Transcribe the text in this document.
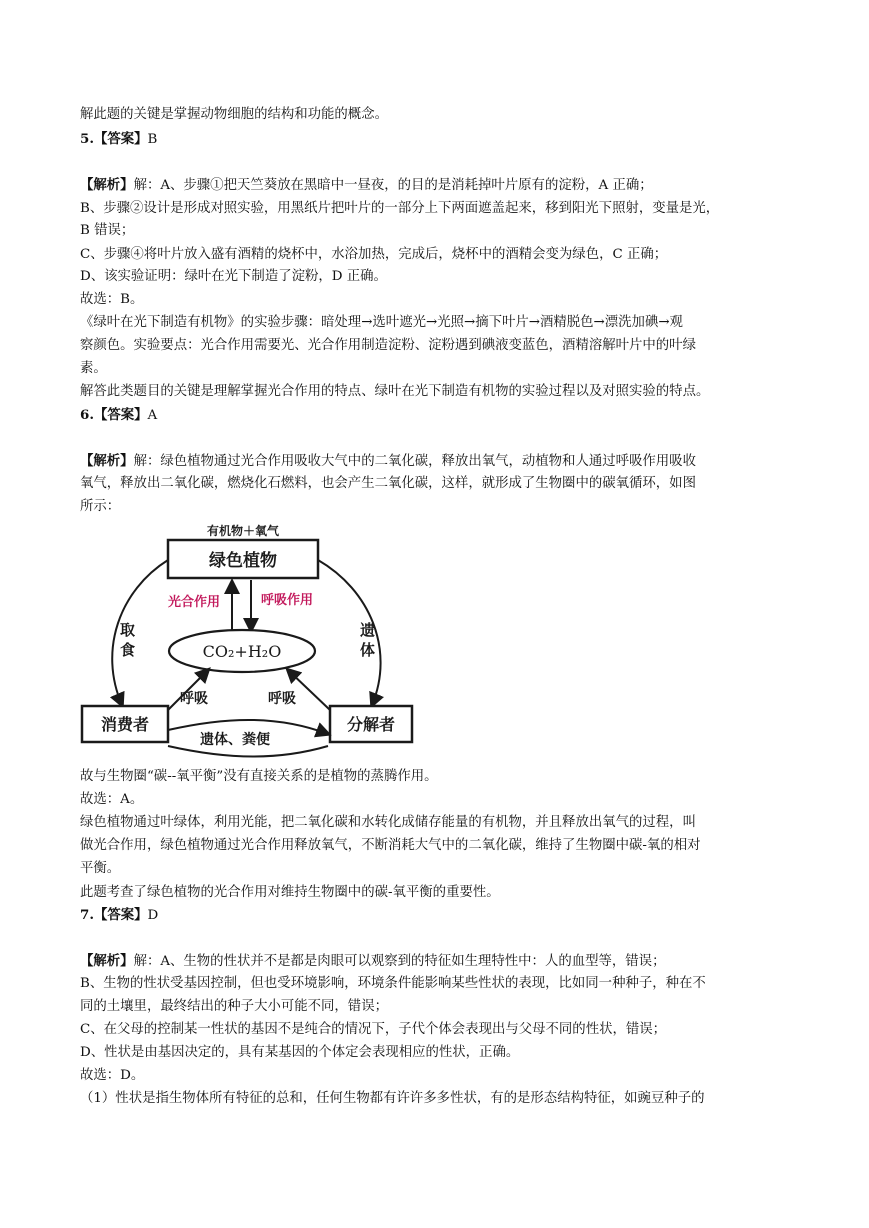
解此题的关键是掌握动物细胞的结构和功能的概念。
5.【答案】B
【解析】解：A、步骤①把天竺葵放在黑暗中一昼夜，的目的是消耗掉叶片原有的淀粉，A 正确；
B、步骤②设计是形成对照实验，用黑纸片把叶片的一部分上下两面遮盖起来，移到阳光下照射，变量是光，
B 错误；
C、步骤④将叶片放入盛有酒精的烧杯中，水浴加热，完成后，烧杯中的酒精会变为绿色，C 正确；
D、该实验证明：绿叶在光下制造了淀粉，D 正确。
故选：B。
《绿叶在光下制造有机物》的实验步骤：暗处理→选叶遮光→光照→摘下叶片→酒精脱色→漂洗加碘→观
察颜色。实验要点：光合作用需要光、光合作用制造淀粉、淀粉遇到碘液变蓝色，酒精溶解叶片中的叶绿
素。
解答此类题目的关键是理解掌握光合作用的特点、绿叶在光下制造有机物的实验过程以及对照实验的特点。
6.【答案】A
【解析】解：绿色植物通过光合作用吸收大气中的二氧化碳，释放出氧气，动植物和人通过呼吸作用吸收
氧气，释放出二氧化碳，燃烧化石燃料，也会产生二氧化碳，这样，就形成了生物圈中的碳氧循环，如图
所示：
有机物＋氧气
绿色植物
光合作用	呼吸作用
CO₂+H₂O
取
食
遗
体
消费者	分解者
呼吸	呼吸
遗体、粪便
故与生物圈“碳--氧平衡”没有直接关系的是植物的蒸腾作用。
故选：A。
绿色植物通过叶绿体，利用光能，把二氧化碳和水转化成储存能量的有机物，并且释放出氧气的过程，叫
做光合作用，绿色植物通过光合作用释放氧气，不断消耗大气中的二氧化碳，维持了生物圈中碳-氧的相对
平衡。
此题考查了绿色植物的光合作用对维持生物圈中的碳-氧平衡的重要性。
7.【答案】D
【解析】解：A、生物的性状并不是都是肉眼可以观察到的特征如生理特性中：人的血型等，错误；
B、生物的性状受基因控制，但也受环境影响，环境条件能影响某些性状的表现，比如同一种种子，种在不
同的土壤里，最终结出的种子大小可能不同，错误；
C、在父母的控制某一性状的基因不是纯合的情况下，子代个体会表现出与父母不同的性状，错误；
D、性状是由基因决定的，具有某基因的个体定会表现相应的性状，正确。
故选：D。
（1）性状是指生物体所有特征的总和，任何生物都有许许多多性状，有的是形态结构特征，如豌豆种子的
